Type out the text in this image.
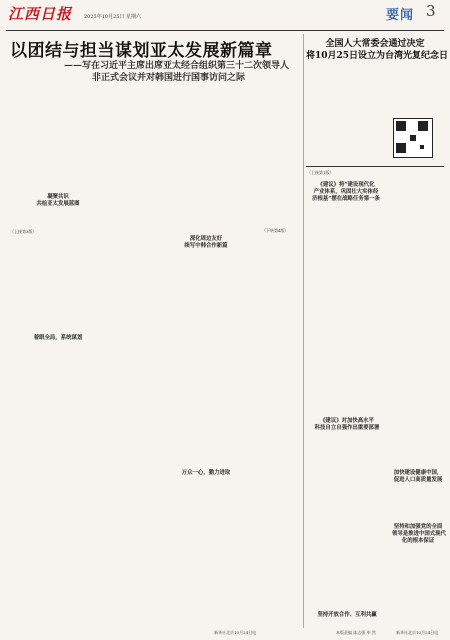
江西日报 2025年10月25日 星期六	要闻 3
以团结与担当谋划亚太发展新篇章
——写在习近平主席出席亚太经合组织第三十二次领导人
非正式会议并对韩国进行国事访问之际
全国人大常委会通过决定
将10月25日设立为台湾光复纪念日
凝聚共识
共绘亚太发展蓝图
（上接第3版）
深化周边友好
续写中韩合作新篇
（下转第4版）
着眼全局，系统谋划
万众一心，勠力进取
（上接第1版）
《建议》将“建设现代化
产业体系，巩固壮大实体经
济根基”摆在战略任务第一条
《建议》对加快高水平
科技自立自强作出重要部署
加快建设健康中国，
促进人口高质量发展
坚持和加强党的全面
领导是推进中国式现代
化的根本保证
坚持开放合作、互利共赢
新华社北京10月24日电	本版责编 陈志强 毕 然	新华社北京10月24日电
